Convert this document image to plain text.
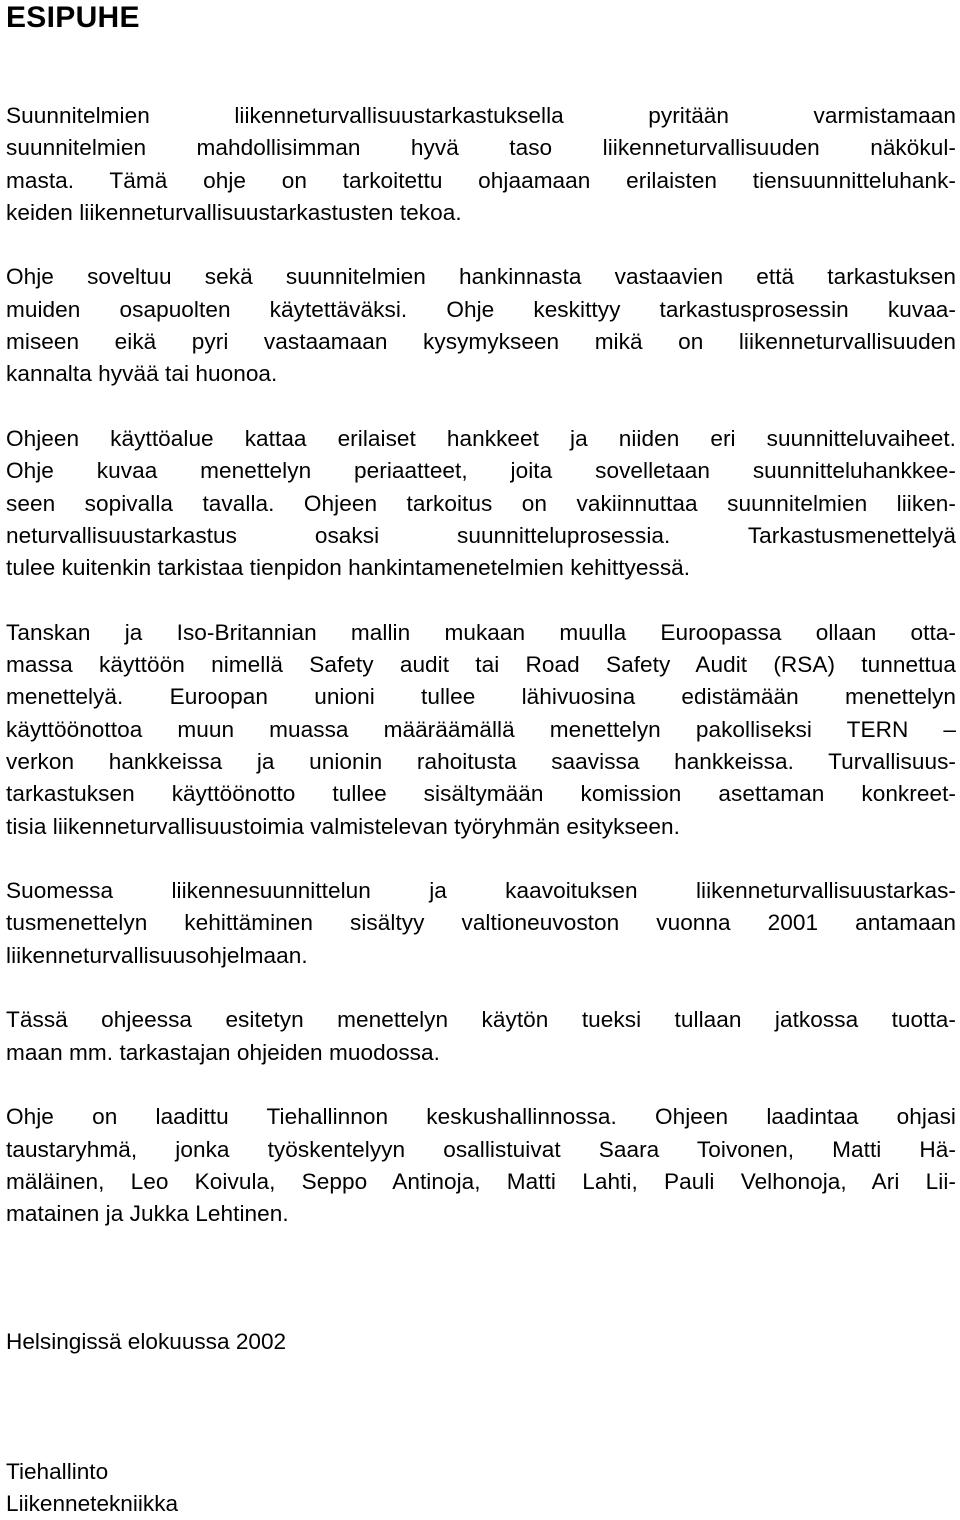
ESIPUHE

Suunnitelmien liikenneturvallisuustarkastuksella pyritään varmistamaan
suunnitelmien mahdollisimman hyvä taso liikenneturvallisuuden näkökul-
masta. Tämä ohje on tarkoitettu ohjaamaan erilaisten tiensuunnitteluhank-
keiden liikenneturvallisuustarkastusten tekoa.

Ohje soveltuu sekä suunnitelmien hankinnasta vastaavien että tarkastuksen
muiden osapuolten käytettäväksi. Ohje keskittyy tarkastusprosessin kuvaa-
miseen eikä pyri vastaamaan kysymykseen mikä on liikenneturvallisuuden
kannalta hyvää tai huonoa.

Ohjeen käyttöalue kattaa erilaiset hankkeet ja niiden eri suunnitteluvaiheet.
Ohje kuvaa menettelyn periaatteet, joita sovelletaan suunnitteluhankkee-
seen sopivalla tavalla. Ohjeen tarkoitus on vakiinnuttaa suunnitelmien liiken-
neturvallisuustarkastus osaksi suunnitteluprosessia. Tarkastusmenettelyä
tulee kuitenkin tarkistaa tienpidon hankintamenetelmien kehittyessä.

Tanskan ja Iso-Britannian mallin mukaan muulla Euroopassa ollaan otta-
massa käyttöön nimellä Safety audit tai Road Safety Audit (RSA) tunnettua
menettelyä. Euroopan unioni tullee lähivuosina edistämään menettelyn
käyttöönottoa muun muassa määräämällä menettelyn pakolliseksi TERN –
verkon hankkeissa ja unionin rahoitusta saavissa hankkeissa. Turvallisuus-
tarkastuksen käyttöönotto tullee sisältymään komission asettaman konkreet-
tisia liikenneturvallisuustoimia valmistelevan työryhmän esitykseen.

Suomessa liikennesuunnittelun ja kaavoituksen liikenneturvallisuustarkas-
tusmenettelyn kehittäminen sisältyy valtioneuvoston vuonna 2001 antamaan
liikenneturvallisuusohjelmaan.

Tässä ohjeessa esitetyn menettelyn käytön tueksi tullaan jatkossa tuotta-
maan mm. tarkastajan ohjeiden muodossa.

Ohje on laadittu Tiehallinnon keskushallinnossa. Ohjeen laadintaa ohjasi
taustaryhmä, jonka työskentelyyn osallistuivat Saara Toivonen, Matti Hä-
mäläinen, Leo Koivula, Seppo Antinoja, Matti Lahti, Pauli Velhonoja, Ari Lii-
matainen ja Jukka Lehtinen.

Helsingissä elokuussa 2002
Tiehallinto
Liikennetekniikka
